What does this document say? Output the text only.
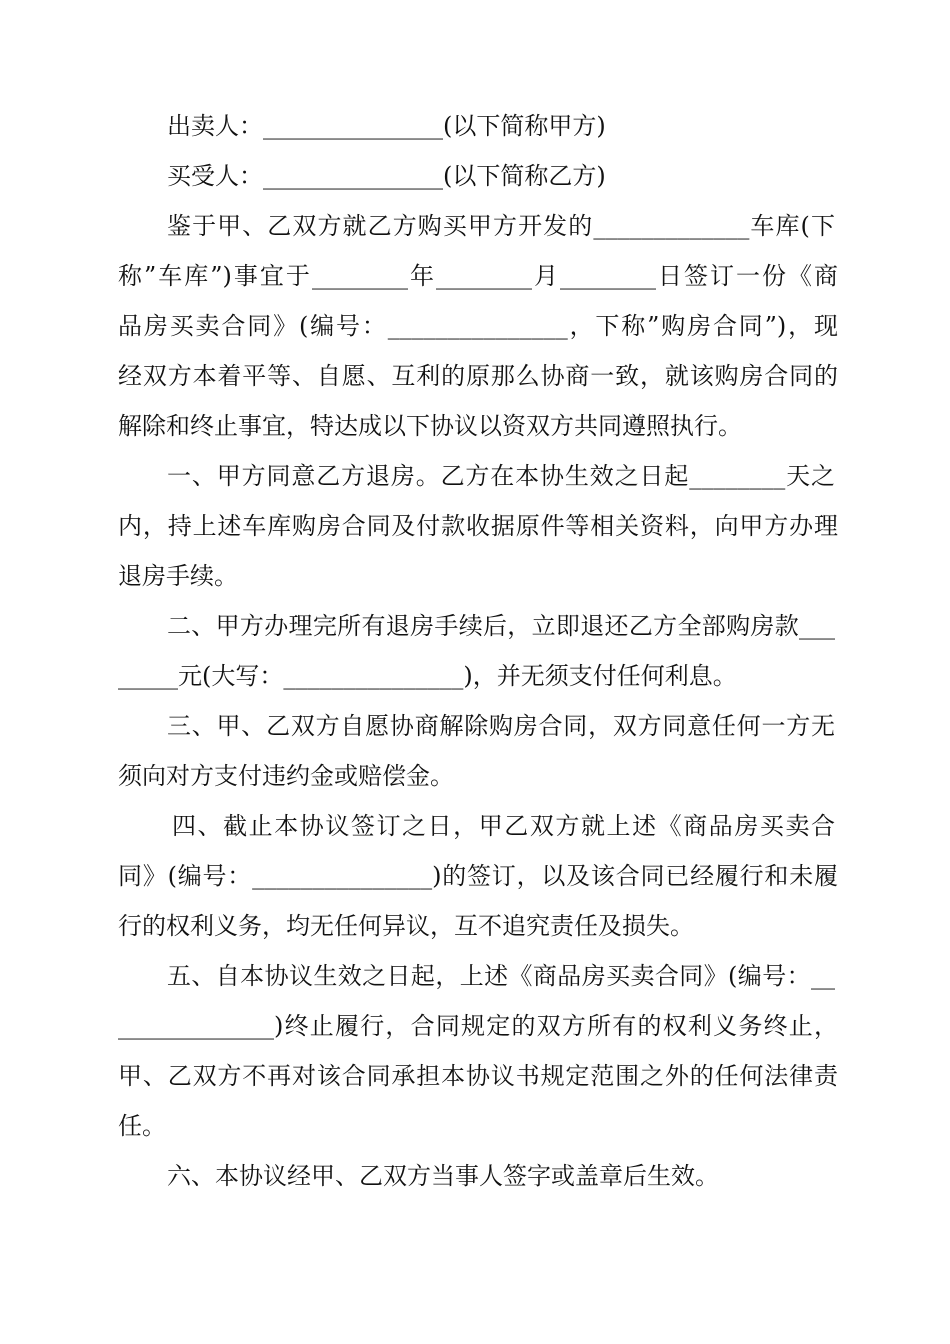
出卖人：_______________(以下简称甲方)
买受人：_______________(以下简称乙方)
鉴于甲、乙双方就乙方购买甲方开发的_____________车库(下
称”车库”)事宜于________年________月________日签订一份《商
品房买卖合同》(编号：_______________，下称”购房合同”)，现
经双方本着平等、自愿、互利的原那么协商一致，就该购房合同的
解除和终止事宜，特达成以下协议以资双方共同遵照执行。
一、甲方同意乙方退房。乙方在本协生效之日起________天之
内，持上述车库购房合同及付款收据原件等相关资料，向甲方办理
退房手续。
二、甲方办理完所有退房手续后，立即退还乙方全部购房款___
_____元(大写：_______________)，并无须支付任何利息。
三、甲、乙双方自愿协商解除购房合同，双方同意任何一方无
须向对方支付违约金或赔偿金。
四、截止本协议签订之日，甲乙双方就上述《商品房买卖合
同》(编号：_______________)的签订，以及该合同已经履行和未履
行的权利义务，均无任何异议，互不追究责任及损失。
五、自本协议生效之日起，上述《商品房买卖合同》(编号：__
_____________)终止履行，合同规定的双方所有的权利义务终止，
甲、乙双方不再对该合同承担本协议书规定范围之外的任何法律责
任。
六、本协议经甲、乙双方当事人签字或盖章后生效。
